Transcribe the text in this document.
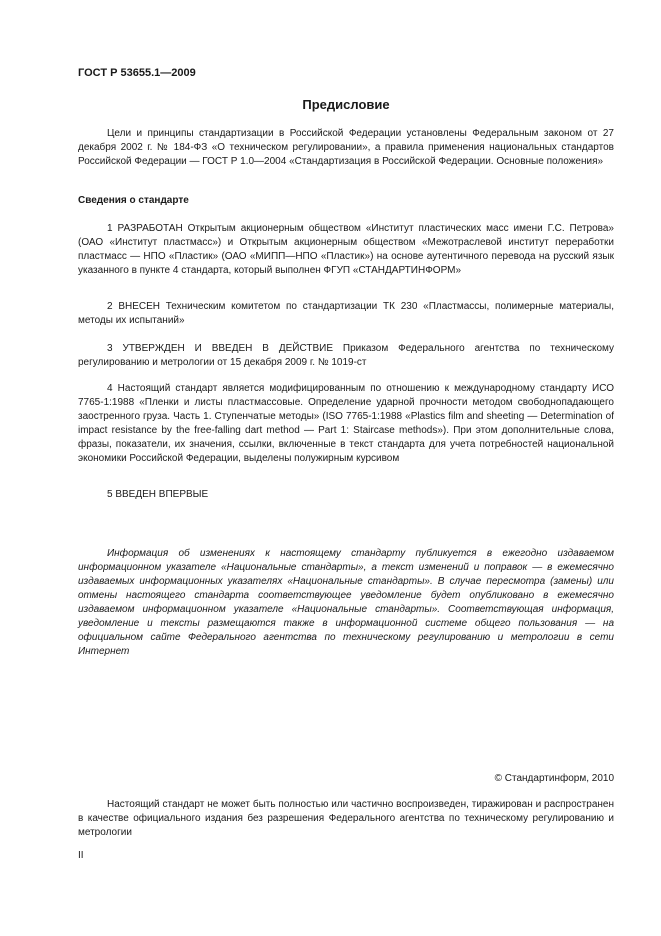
ГОСТ Р 53655.1—2009

Предисловие

Цели и принципы стандартизации в Российской Федерации установлены Федеральным законом от 27 декабря 2002 г. № 184-ФЗ «О техническом регулировании», а правила применения национальных стандартов Российской Федерации — ГОСТ Р 1.0—2004 «Стандартизация в Российской Федерации. Основные положения»

Сведения о стандарте

1 РАЗРАБОТАН Открытым акционерным обществом «Институт пластических масс имени Г.С. Петрова» (ОАО «Институт пластмасс») и Открытым акционерным обществом «Межотраслевой институт переработки пластмасс — НПО «Пластик» (ОАО «МИПП—НПО «Пластик») на основе аутентичного перевода на русский язык указанного в пункте 4 стандарта, который выполнен ФГУП «СТАНДАРТИНФОРМ»

2 ВНЕСЕН Техническим комитетом по стандартизации ТК 230 «Пластмассы, полимерные материалы, методы их испытаний»

3 УТВЕРЖДЕН И ВВЕДЕН В ДЕЙСТВИЕ Приказом Федерального агентства по техническому регулированию и метрологии от 15 декабря 2009 г. № 1019-ст

4 Настоящий стандарт является модифицированным по отношению к международному стандарту ИСО 7765-1:1988 «Пленки и листы пластмассовые. Определение ударной прочности методом свободнопадающего заостренного груза. Часть 1. Ступенчатые методы» (ISO 7765-1:1988 «Plastics film and sheeting — Determination of impact resistance by the free-falling dart method — Part 1: Staircase methods»). При этом дополнительные слова, фразы, показатели, их значения, ссылки, включенные в текст стандарта для учета потребностей национальной экономики Российской Федерации, выделены полужирным курсивом

5 ВВЕДЕН ВПЕРВЫЕ

Информация об изменениях к настоящему стандарту публикуется в ежегодно издаваемом информационном указателе «Национальные стандарты», а текст изменений и поправок — в ежемесячно издаваемых информационных указателях «Национальные стандарты». В случае пересмотра (замены) или отмены настоящего стандарта соответствующее уведомление будет опубликовано в ежемесячно издаваемом информационном указателе «Национальные стандарты». Соответствующая информация, уведомление и тексты размещаются также в информационной системе общего пользования — на официальном сайте Федерального агентства по техническому регулированию и метрологии в сети Интернет

© Стандартинформ, 2010

Настоящий стандарт не может быть полностью или частично воспроизведен, тиражирован и распространен в качестве официального издания без разрешения Федерального агентства по техническому регулированию и метрологии

II
